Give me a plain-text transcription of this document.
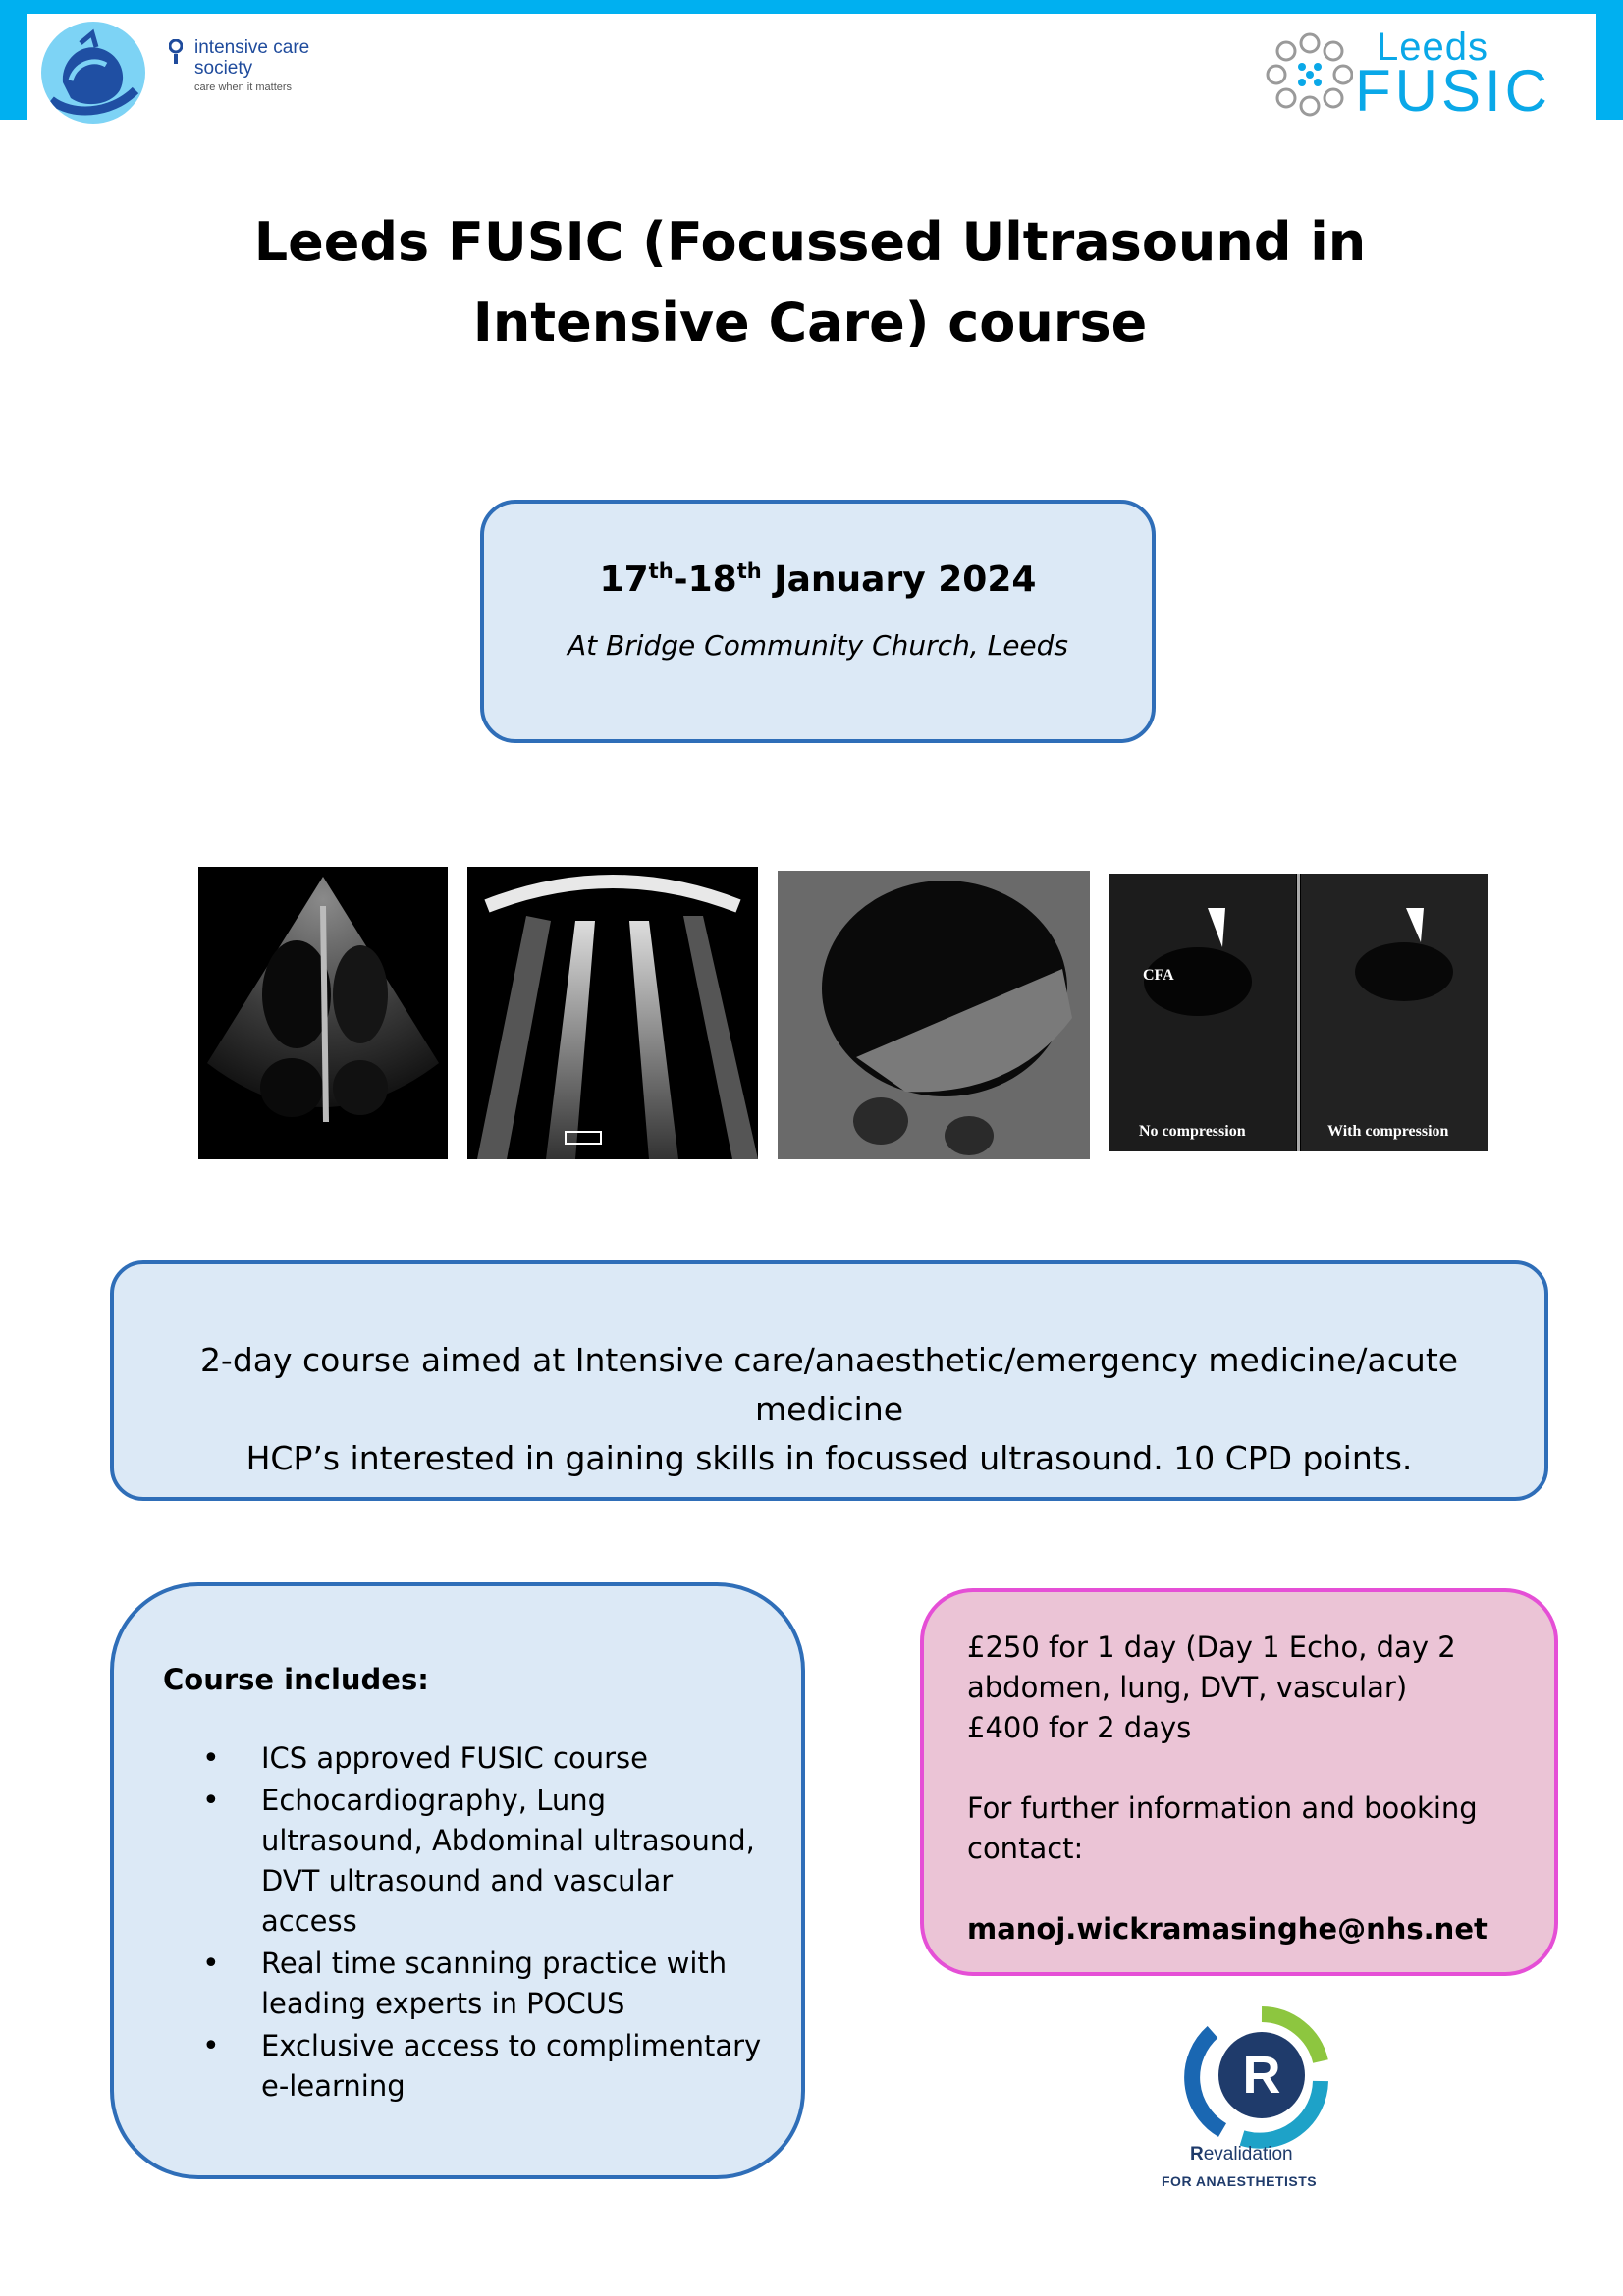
intensive care
society
care when it matters
Leeds
FUSIC
Leeds FUSIC (Focussed Ultrasound in
Intensive Care) course
17th-18th January 2024
At Bridge Community Church, Leeds
CFA
No compression	With compression
2-day course aimed at Intensive care/anaesthetic/emergency medicine/acute medicine
HCP’s interested in gaining skills in focussed ultrasound. 10 CPD points.
Course includes:
• ICS approved FUSIC course
• Echocardiography, Lung ultrasound, Abdominal ultrasound, DVT ultrasound and vascular access
• Real time scanning practice with leading experts in POCUS
• Exclusive access to complimentary e-learning
£250 for 1 day (Day 1 Echo, day 2
abdomen, lung, DVT, vascular)
£400 for 2 days
For further information and booking
contact:
manoj.wickramasinghe@nhs.net
R
Revalidation
FOR ANAESTHETISTS
